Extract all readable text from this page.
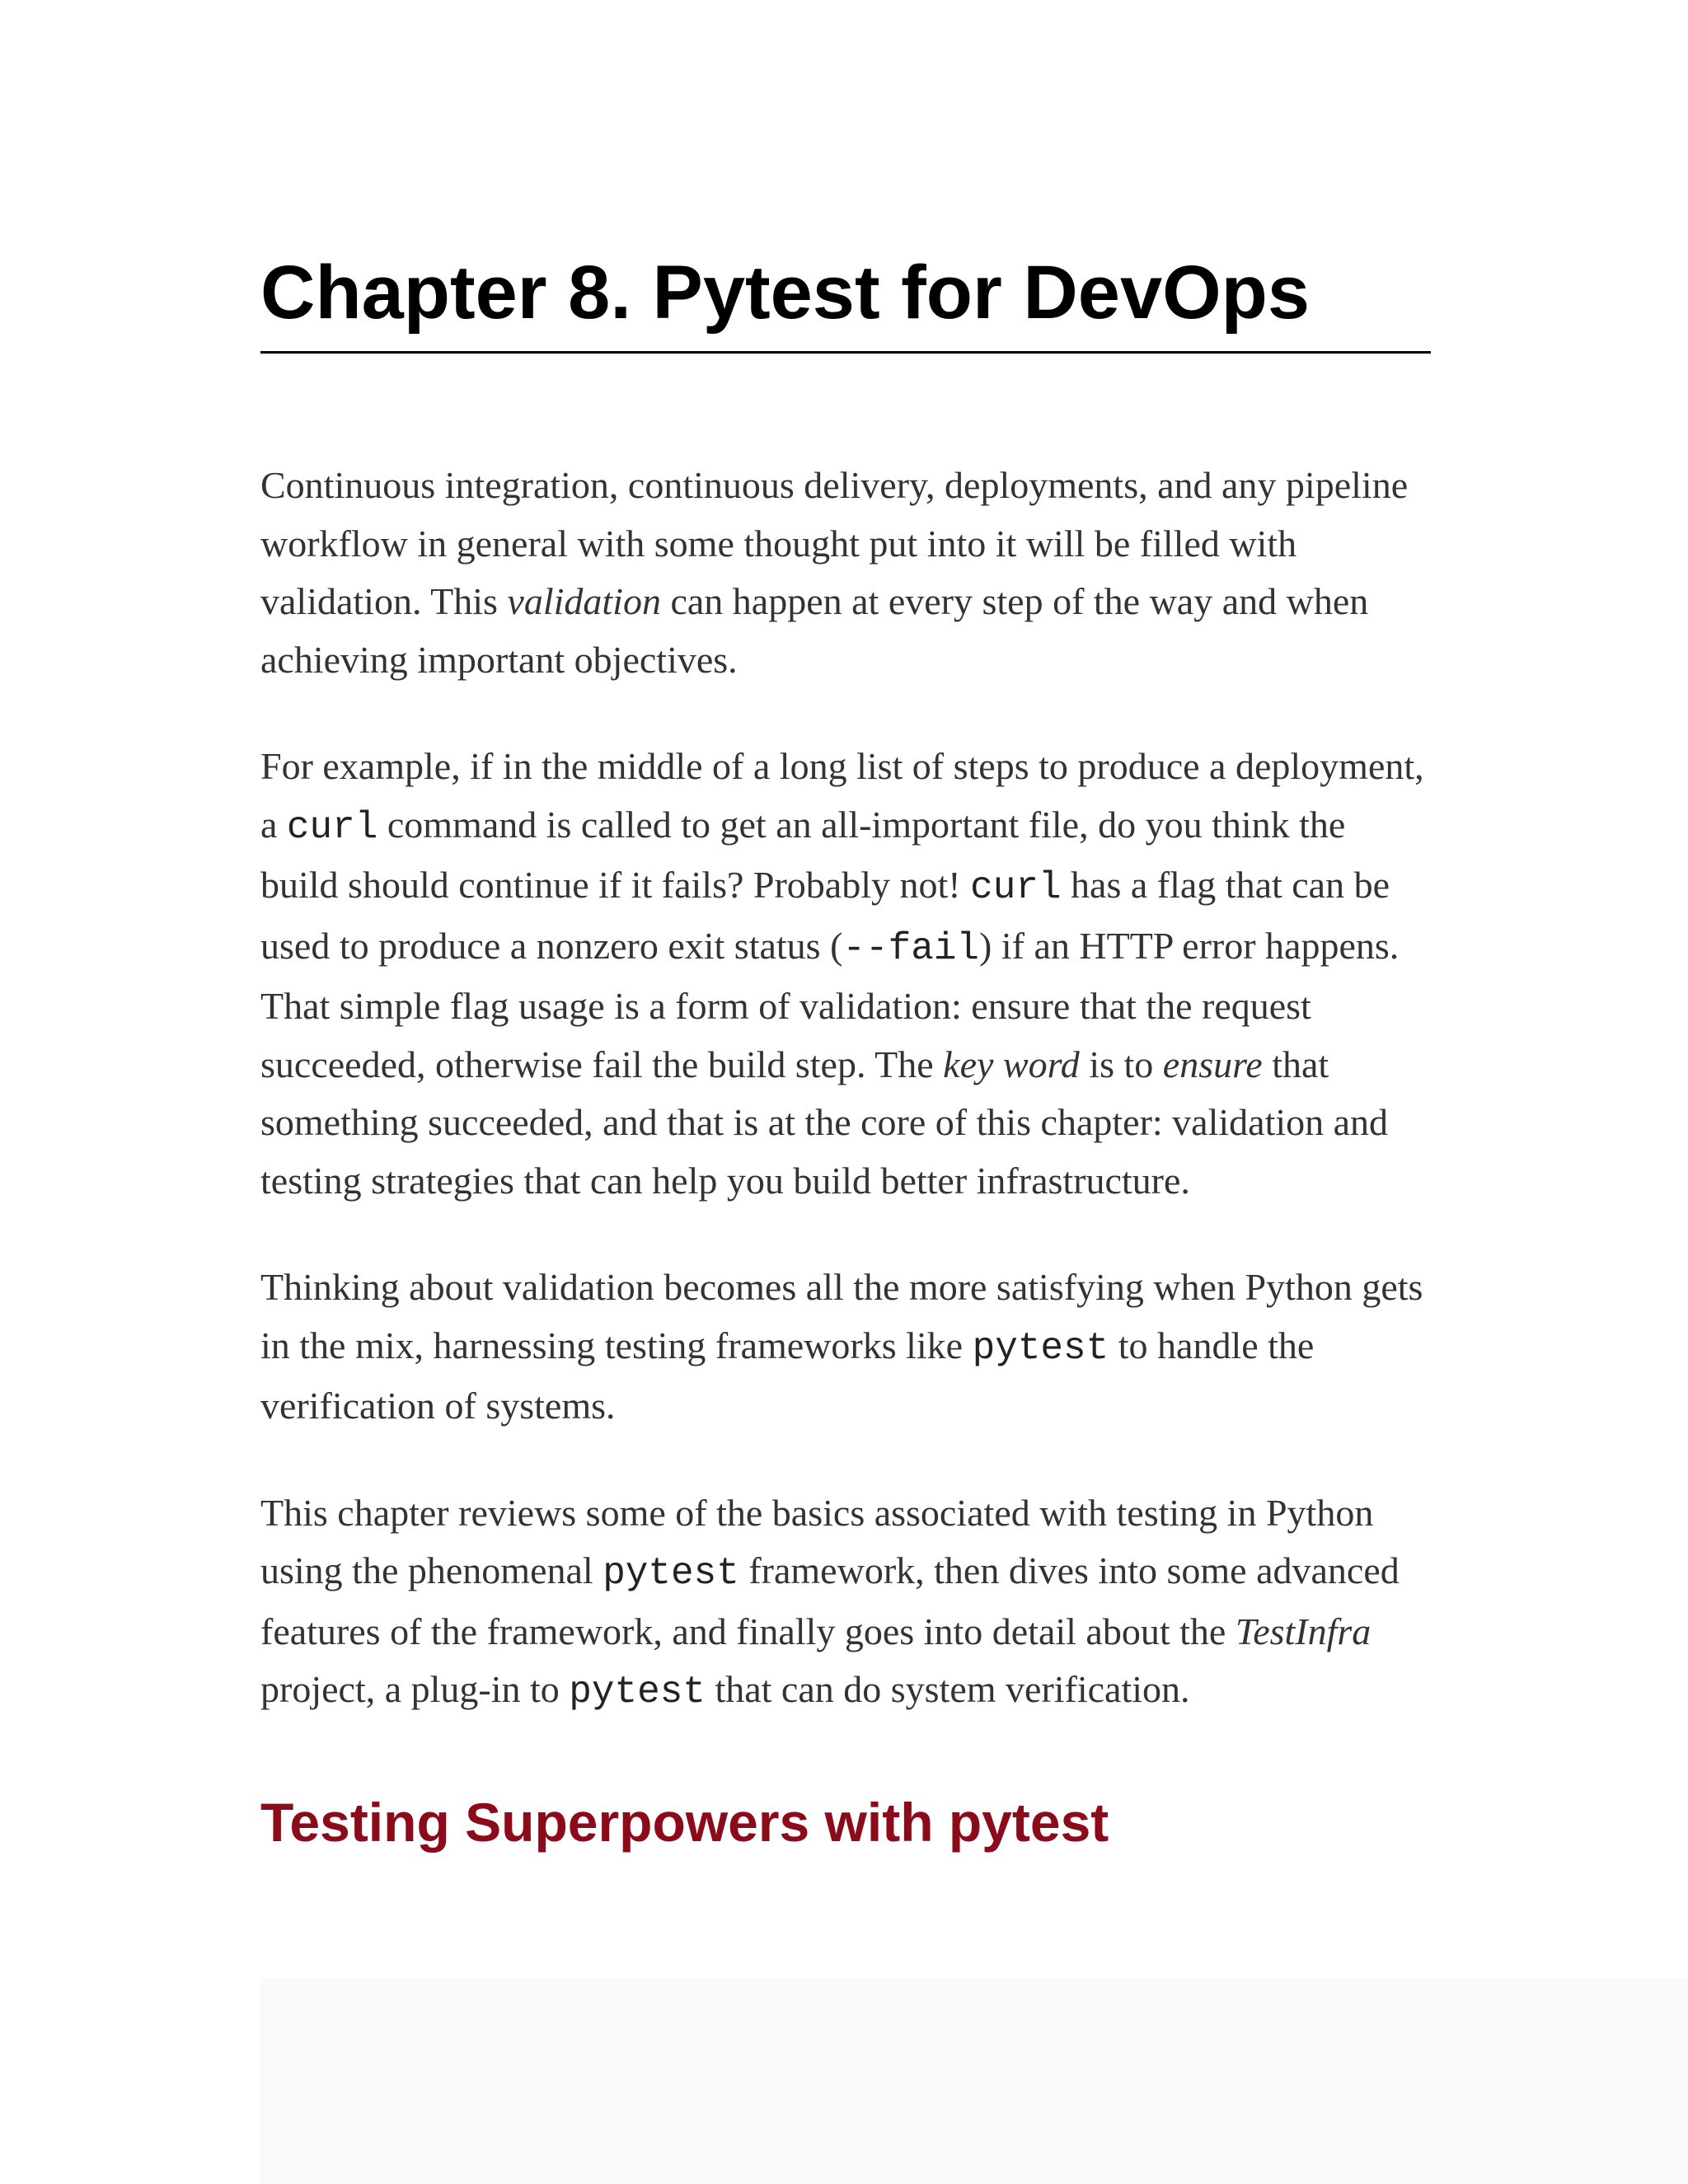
Chapter 8. Pytest for DevOps

Continuous integration, continuous delivery, deployments, and any pipeline workflow in general with some thought put into it will be filled with validation. This validation can happen at every step of the way and when achieving important objectives.

For example, if in the middle of a long list of steps to produce a deployment, a curl command is called to get an all-important file, do you think the build should continue if it fails? Probably not! curl has a flag that can be used to produce a nonzero exit status (--fail) if an HTTP error happens. That simple flag usage is a form of validation: ensure that the request succeeded, otherwise fail the build step. The key word is to ensure that something succeeded, and that is at the core of this chapter: validation and testing strategies that can help you build better infrastructure.

Thinking about validation becomes all the more satisfying when Python gets in the mix, harnessing testing frameworks like pytest to handle the verification of systems.

This chapter reviews some of the basics associated with testing in Python using the phenomenal pytest framework, then dives into some advanced features of the framework, and finally goes into detail about the TestInfra project, a plug-in to pytest that can do system verification.

Testing Superpowers with pytest
